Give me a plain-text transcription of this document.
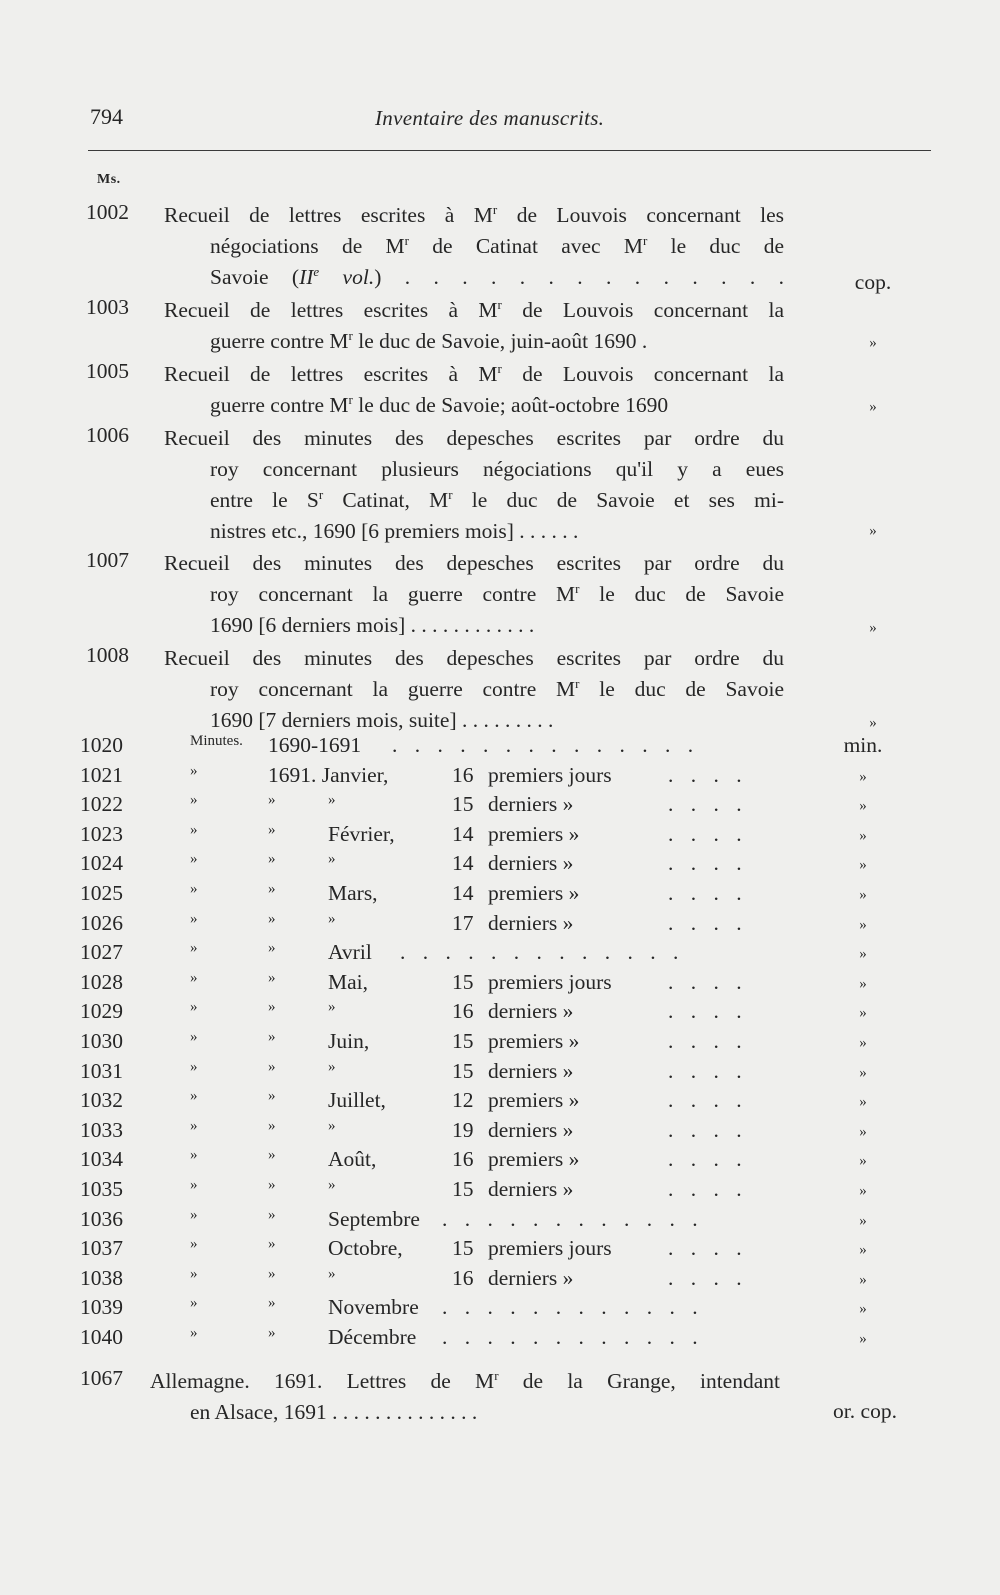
794	Inventaire des manuscrits.
Ms.
1002	Recueil de lettres escrites à $M^r$ de Louvois concernant les
négociations de $M^r$ de Catinat avec $M^r$ le duc de
Savoie (IIe vol.) . . . . . . . . . . . . . .	cop.
1003	Recueil de lettres escrites à $M^r$ de Louvois concernant la
guerre contre $M^r$ le duc de Savoie, juin-août 1690 .	»
1005	Recueil de lettres escrites à $M^r$ de Louvois concernant la
guerre contre $M^r$ le duc de Savoie; août-octobre 1690	»
1006	Recueil des minutes des depesches escrites par ordre du
roy concernant plusieurs négociations qu'il y a eues
entre le $S^r$ Catinat, $M^r$ le duc de Savoie et ses mi-
nistres etc., 1690 [6 premiers mois] . . . . . .	»
1007	Recueil des minutes des depesches escrites par ordre du
roy concernant la guerre contre $M^r$ le duc de Savoie
1690 [6 derniers mois] . . . . . . . . . . . .	»
1008	Recueil des minutes des depesches escrites par ordre du
roy concernant la guerre contre $M^r$ le duc de Savoie
1690 [7 derniers mois, suite] . . . . . . . . .	»
1020	Minutes. 1690-1691 . . . . . . . . . . . . . .	min.
1021	»	1691. Janvier,	16 premiers jours	. . . .	»
1022	»	»	»	15 derniers »	. . . .	»
1023	»	» Février,	14 premiers »	. . . .	»
1024	»	»	»	14 derniers »	. . . .	»
1025	»	» Mars,	14 premiers »	. . . .	»
1026	»	»	»	17 derniers »	. . . .	»
1027	»	» Avril . . . . . . . . . . . . .	»
1028	»	» Mai,	15 premiers jours	. . . .	»
1029	»	»	»	16 derniers »	. . . .	»
1030	»	» Juin,	15 premiers »	. . . .	»
1031	»	»	»	15 derniers »	. . . .	»
1032	»	» Juillet,	12 premiers »	. . . .	»
1033	»	»	»	19 derniers »	. . . .	»
1034	»	» Août,	16 premiers »	. . . .	»
1035	»	»	»	15 derniers »	. . . .	»
1036	»	» Septembre . . . . . . . . . . . .	»
1037	»	» Octobre, 15 premiers jours	. . . .	»
1038	»	»	»	16 derniers »	. . . .	»
1039	»	» Novembre . . . . . . . . . . . .	»
1040	»	» Décembre . . . . . . . . . . . .	»
1067	Allemagne. 1691. Lettres de $M^r$ de la Grange, intendant
en Alsace, 1691 . . . . . . . . . . . . . .	or. cop.
